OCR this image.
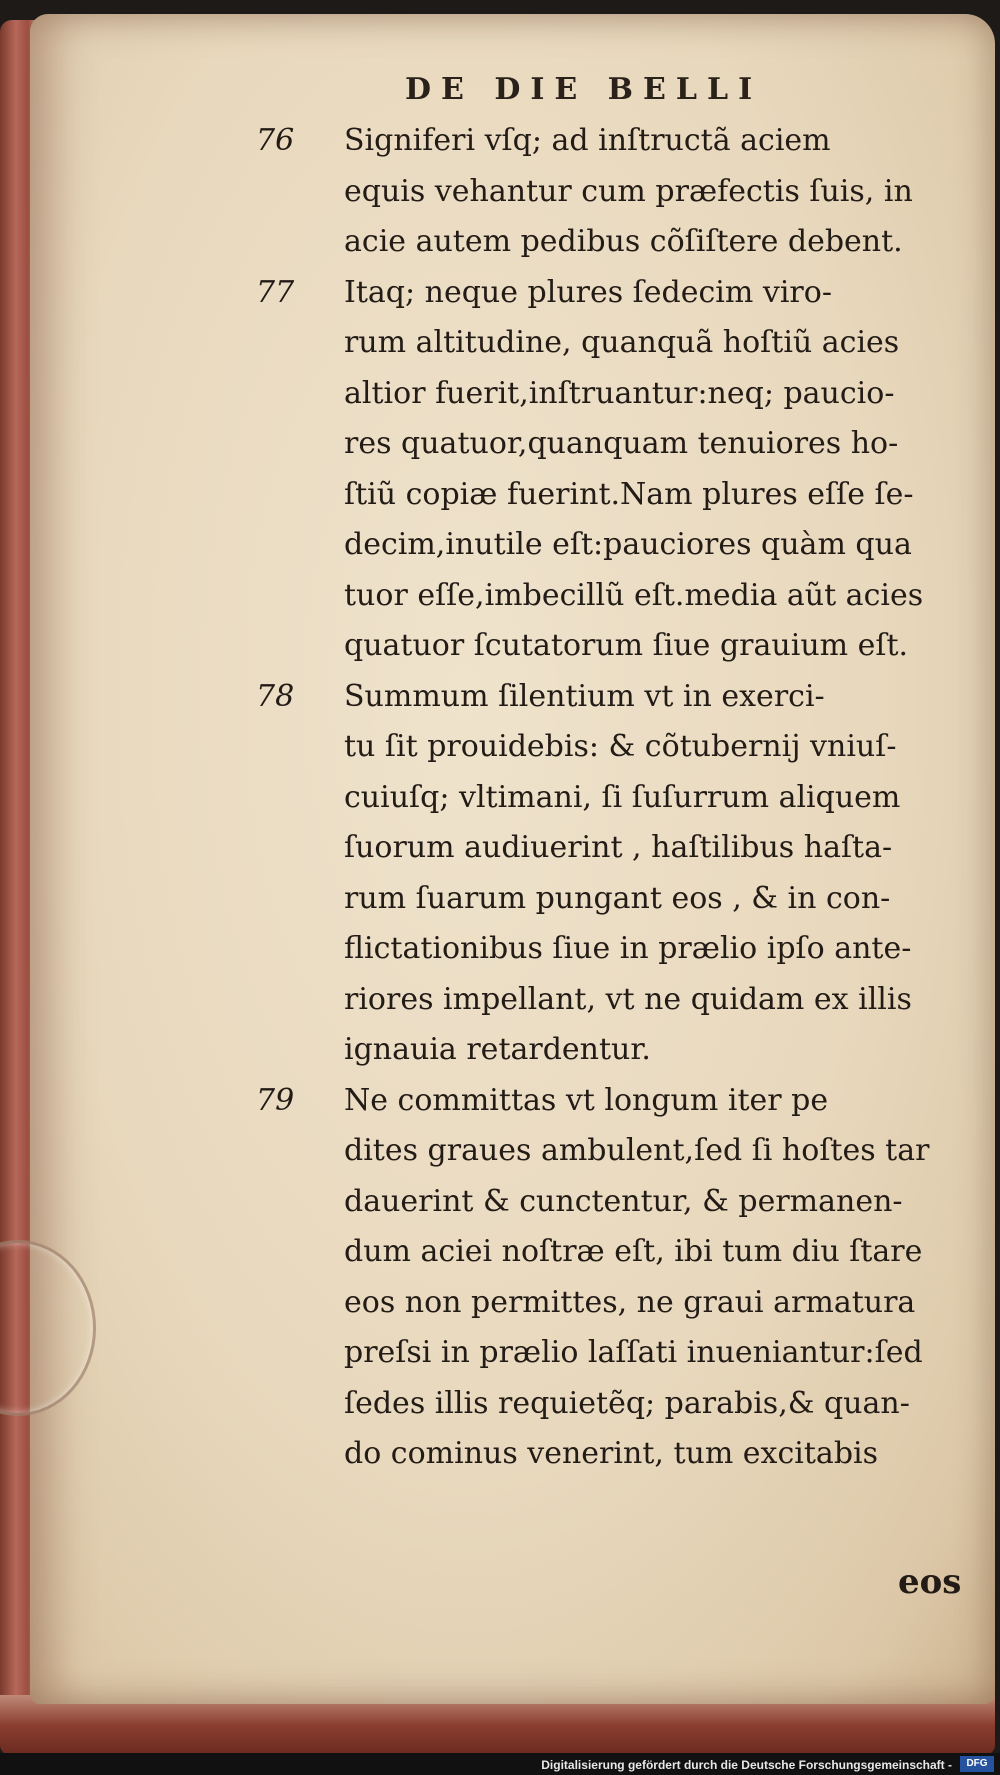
DE DIE BELLI
76 Signiferi vſq; ad inſtructã aciem
equis vehantur cum præfectis ſuis, in
acie autem pedibus cõſiſtere debent.
77 Itaq; neque plures ſedecim viro-
rum altitudine, quanquã hoſtiũ acies
altior fuerit,inſtruantur:neq; paucio-
res quatuor,quanquam tenuiores ho-
ſtiũ copiæ fuerint.Nam plures eſſe ſe-
decim,inutile eſt:pauciores quàm qua
tuor eſſe,imbecillũ eſt.media aũt acies
quatuor ſcutatorum ſiue grauium eſt.
78 Summum ſilentium vt in exerci-
tu ſit prouidebis: & cõtubernij vniuſ-
cuiuſq; vltimani, ſi ſuſurrum aliquem
ſuorum audiuerint , haſtilibus haſta-
rum ſuarum pungant eos , & in con-
flictationibus ſiue in prælio ipſo ante-
riores impellant, vt ne quidam ex illis
ignauia retardentur.
79 Ne committas vt longum iter pe
dites graues ambulent,ſed ſi hoſtes tar
dauerint & cunctentur, & permanen-
dum aciei noſtræ eſt, ibi tum diu ſtare
eos non permittes, ne graui armatura
preſsi in prælio laſſati inueniantur:ſed
ſedes illis requietẽq; parabis,& quan-
do cominus venerint, tum excitabis
eos
Digitalisierung gefördert durch die Deutsche Forschungsgemeinschaft -	DFG
